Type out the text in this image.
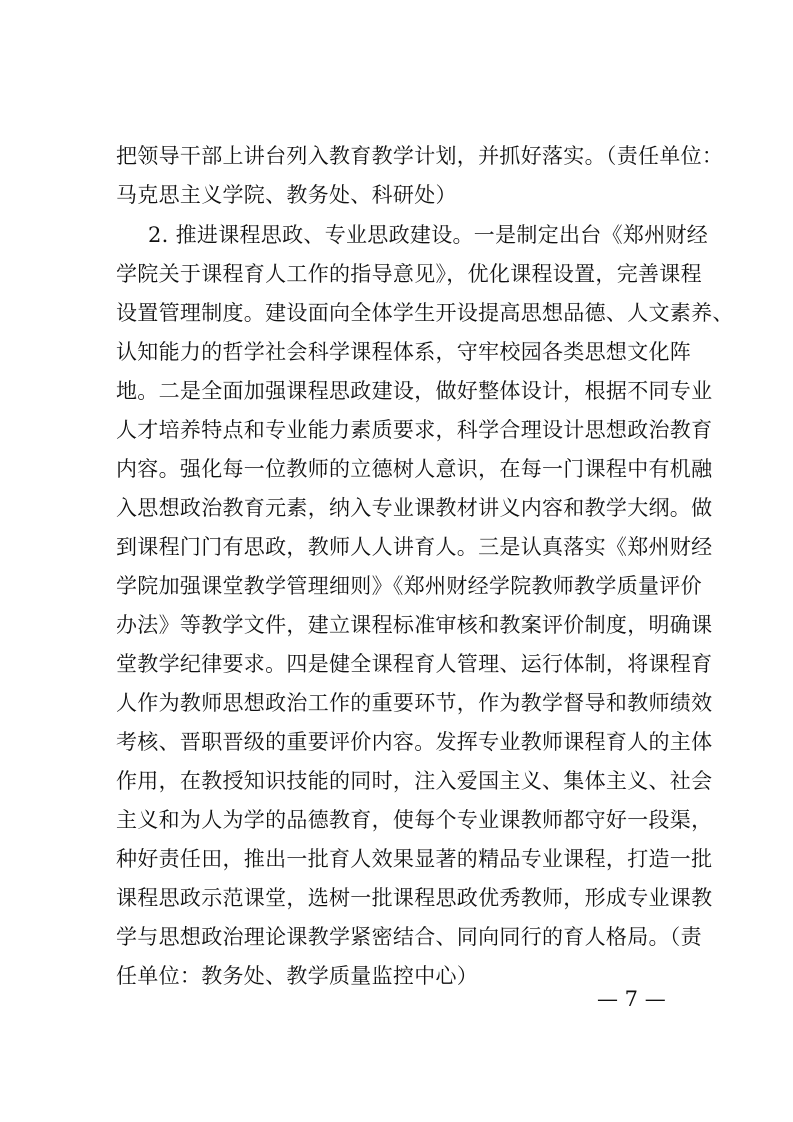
把领导干部上讲台列入教育教学计划，并抓好落实。（责任单位：
马克思主义学院、教务处、科研处）
2. 推进课程思政、专业思政建设。一是制定出台《郑州财经
学院关于课程育人工作的指导意见》，优化课程设置，完善课程
设置管理制度。建设面向全体学生开设提高思想品德、人文素养、
认知能力的哲学社会科学课程体系，守牢校园各类思想文化阵
地。二是全面加强课程思政建设，做好整体设计，根据不同专业
人才培养特点和专业能力素质要求，科学合理设计思想政治教育
内容。强化每一位教师的立德树人意识，在每一门课程中有机融
入思想政治教育元素，纳入专业课教材讲义内容和教学大纲。做
到课程门门有思政，教师人人讲育人。三是认真落实《郑州财经
学院加强课堂教学管理细则》《郑州财经学院教师教学质量评价
办法》等教学文件，建立课程标准审核和教案评价制度，明确课
堂教学纪律要求。四是健全课程育人管理、运行体制，将课程育
人作为教师思想政治工作的重要环节，作为教学督导和教师绩效
考核、晋职晋级的重要评价内容。发挥专业教师课程育人的主体
作用，在教授知识技能的同时，注入爱国主义、集体主义、社会
主义和为人为学的品德教育，使每个专业课教师都守好一段渠，
种好责任田，推出一批育人效果显著的精品专业课程，打造一批
课程思政示范课堂，选树一批课程思政优秀教师，形成专业课教
学与思想政治理论课教学紧密结合、同向同行的育人格局。（责
任单位：教务处、教学质量监控中心）
— 7 —
